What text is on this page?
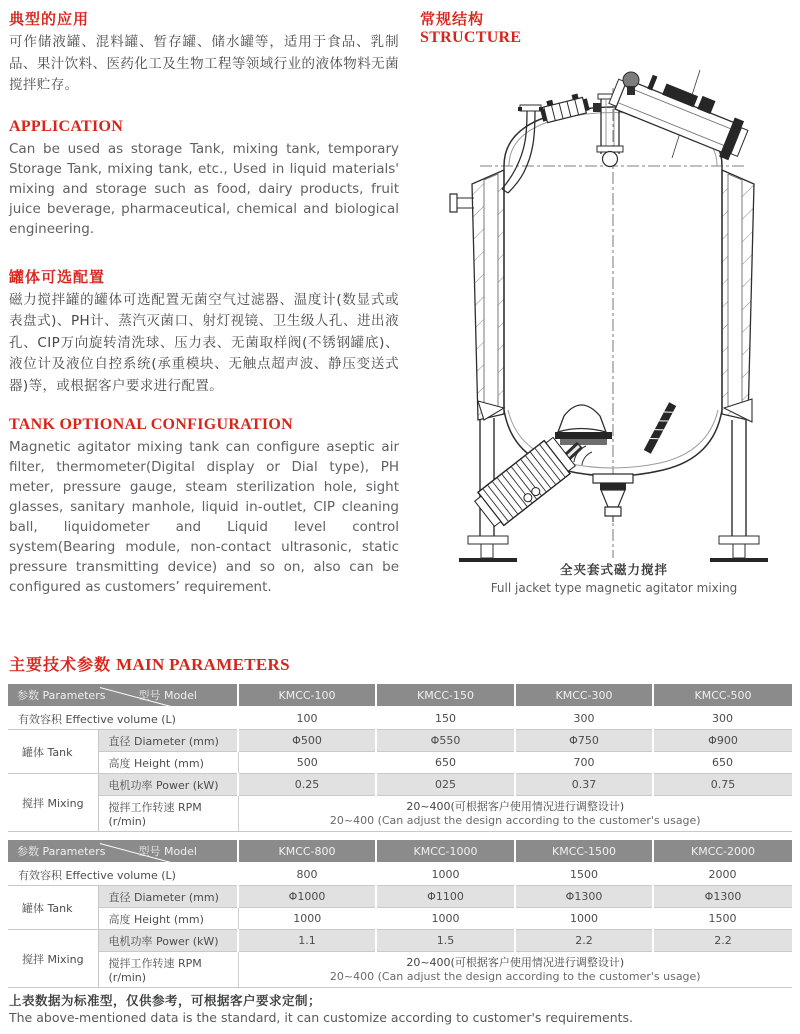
典型的应用
可作储液罐、混料罐、暂存罐、储水罐等，适用于食品、乳制品、果汁饮料、医药化工及生物工程等领域行业的液体物料无菌搅拌贮存。
APPLICATION
Can be used as storage Tank, mixing tank, temporary Storage Tank, mixing tank, etc., Used in liquid materials' mixing and storage such as food, dairy products, fruit juice beverage, pharmaceutical, chemical and biological engineering.
罐体可选配置
磁力搅拌罐的罐体可选配置无菌空气过滤器、温度计(数显式或表盘式)、PH计、蒸汽灭菌口、射灯视镜、卫生级人孔、进出液孔、CIP万向旋转清洗球、压力表、无菌取样阀(不锈钢罐底)、液位计及液位自控系统(承重模块、无触点超声波、静压变送式器)等，或根据客户要求进行配置。
TANK OPTIONAL CONFIGURATION
Magnetic agitator mixing tank can configure aseptic air filter, thermometer(Digital display or Dial type), PH meter, pressure gauge, steam sterilization hole, sight glasses, sanitary manhole, liquid in-outlet, CIP cleaning ball, liquidometer and Liquid level control system(Bearing module, non-contact ultrasonic, static pressure transmitting device) and so on, also can be configured as customers’ requirement.
常规结构
STRUCTURE
全夹套式磁力搅拌
Full jacket type magnetic agitator mixing
主要技术参数 MAIN PARAMETERS
参数 Parameters 型号 Model		KMCC-100	KMCC-150	KMCC-300	KMCC-500
有效容积 Effective volume (L)		100	150	300	300
罐体 Tank	直径 Diameter (mm)	Φ500	Φ550	Φ750	Φ900
	高度 Height (mm)	500	650	700	650
搅拌 Mixing	电机功率 Power (kW)	0.25	025	0.37	0.75
	搅拌工作转速 RPM (r/min)	20~400(可根据客户使用情况进行调整设计)
20~400 (Can adjust the design according to the customer's usage)			
参数 Parameters 型号 Model		KMCC-800	KMCC-1000	KMCC-1500	KMCC-2000
有效容积 Effective volume (L)		800	1000	1500	2000
罐体 Tank	直径 Diameter (mm)	Φ1000	Φ1100	Φ1300	Φ1300
	高度 Height (mm)	1000	1000	1000	1500
搅拌 Mixing	电机功率 Power (kW)	1.1	1.5	2.2	2.2
	搅拌工作转速 RPM (r/min)	20~400(可根据客户使用情况进行调整设计)
20~400 (Can adjust the design according to the customer's usage)			
上表数据为标准型，仅供参考，可根据客户要求定制；
The above-mentioned data is the standard, it can customize according to customer's requirements.
